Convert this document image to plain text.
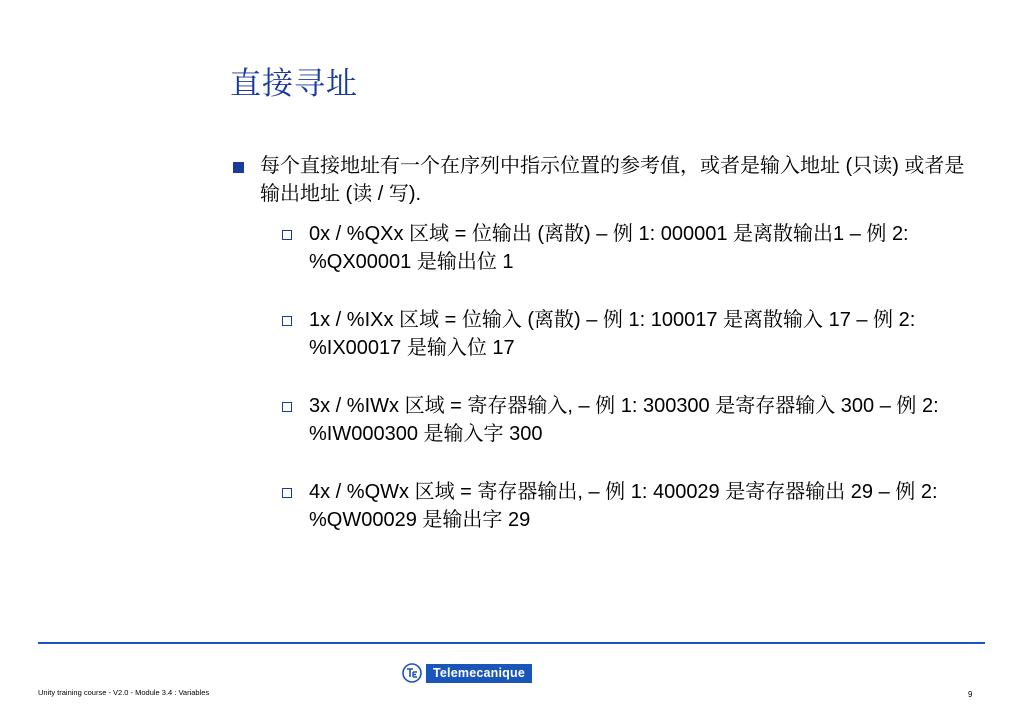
直接寻址
每个直接地址有一个在序列中指示位置的参考值，或者是输入地址 (只读) 或者是输出地址 (读 / 写).
0x / %QXx 区域 = 位输出 (离散) – 例 1: 000001 是离散输出1 – 例 2: %QX00001 是输出位 1
1x / %IXx 区域 = 位输入 (离散) – 例 1: 100017 是离散输入 17 – 例 2: %IX00017 是输入位 17
3x / %IWx 区域 = 寄存器输入, – 例 1: 300300 是寄存器输入 300 – 例 2: %IW000300 是输入字 300
4x / %QWx 区域 = 寄存器输出, – 例 1: 400029 是寄存器输出 29 – 例 2: %QW00029 是输出字 29
Telemecanique
Unity training course - V2.0 - Module 3.4 : Variables	9
